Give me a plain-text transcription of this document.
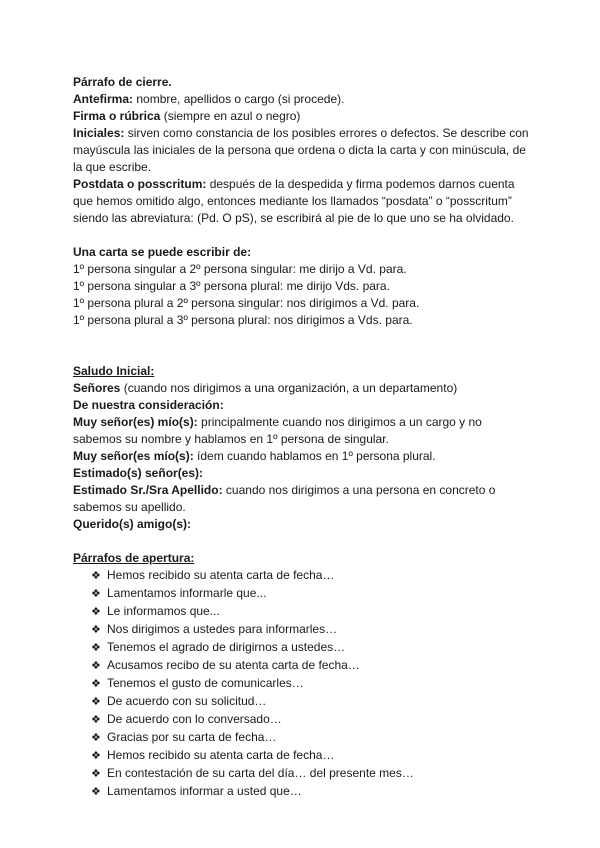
Párrafo de cierre.

Antefirma: nombre, apellidos o cargo (si procede).

Firma o rúbrica (siempre en azul o negro)

Iniciales: sirven como constancia de los posibles errores o defectos. Se describe con mayúscula las iniciales de la persona que ordena o dicta la carta y con minúscula, de la que escribe.

Postdata o posscritum: después de la despedida y firma podemos darnos cuenta que hemos omitido algo, entonces mediante los llamados “posdata” o “posscritum” siendo las abreviatura: (Pd. O pS), se escribirá al pie de lo que uno se ha olvidado.

Una carta se puede escribir de:

1º persona singular a 2º persona singular: me dirijo a Vd. para.

1º persona singular a 3º persona plural: me dirijo Vds. para.

1º persona plural a 2º persona singular: nos dirigimos a Vd. para.

1º persona plural a 3º persona plural: nos dirigimos a Vds. para.

Saludo Inicial:

Señores (cuando nos dirigimos a una organización, a un departamento)

De nuestra consideración:

Muy señor(es) mío(s): principalmente cuando nos dirigimos a un cargo y no sabemos su nombre y hablamos en 1º persona de singular.

Muy señor(es mío(s): ídem cuando hablamos en 1º persona plural.

Estimado(s) señor(es):

Estimado Sr./Sra Apellido: cuando nos dirigimos a una persona en concreto o sabemos su apellido.

Querido(s) amigo(s):

Párrafos de apertura:

❖ Hemos recibido su atenta carta de fecha…
❖ Lamentamos informarle que...
❖ Le informamos que...
❖ Nos dirigimos a ustedes para informarles…
❖ Tenemos el agrado de dirigirnos a ustedes…
❖ Acusamos recibo de su atenta carta de fecha…
❖ Tenemos el gusto de comunicarles…
❖ De acuerdo con su solicitud…
❖ De acuerdo con lo conversado…
❖ Gracias por su carta de fecha…
❖ Hemos recibido su atenta carta de fecha…
❖ En contestación de su carta del día… del presente mes…
❖ Lamentamos informar a usted que…
